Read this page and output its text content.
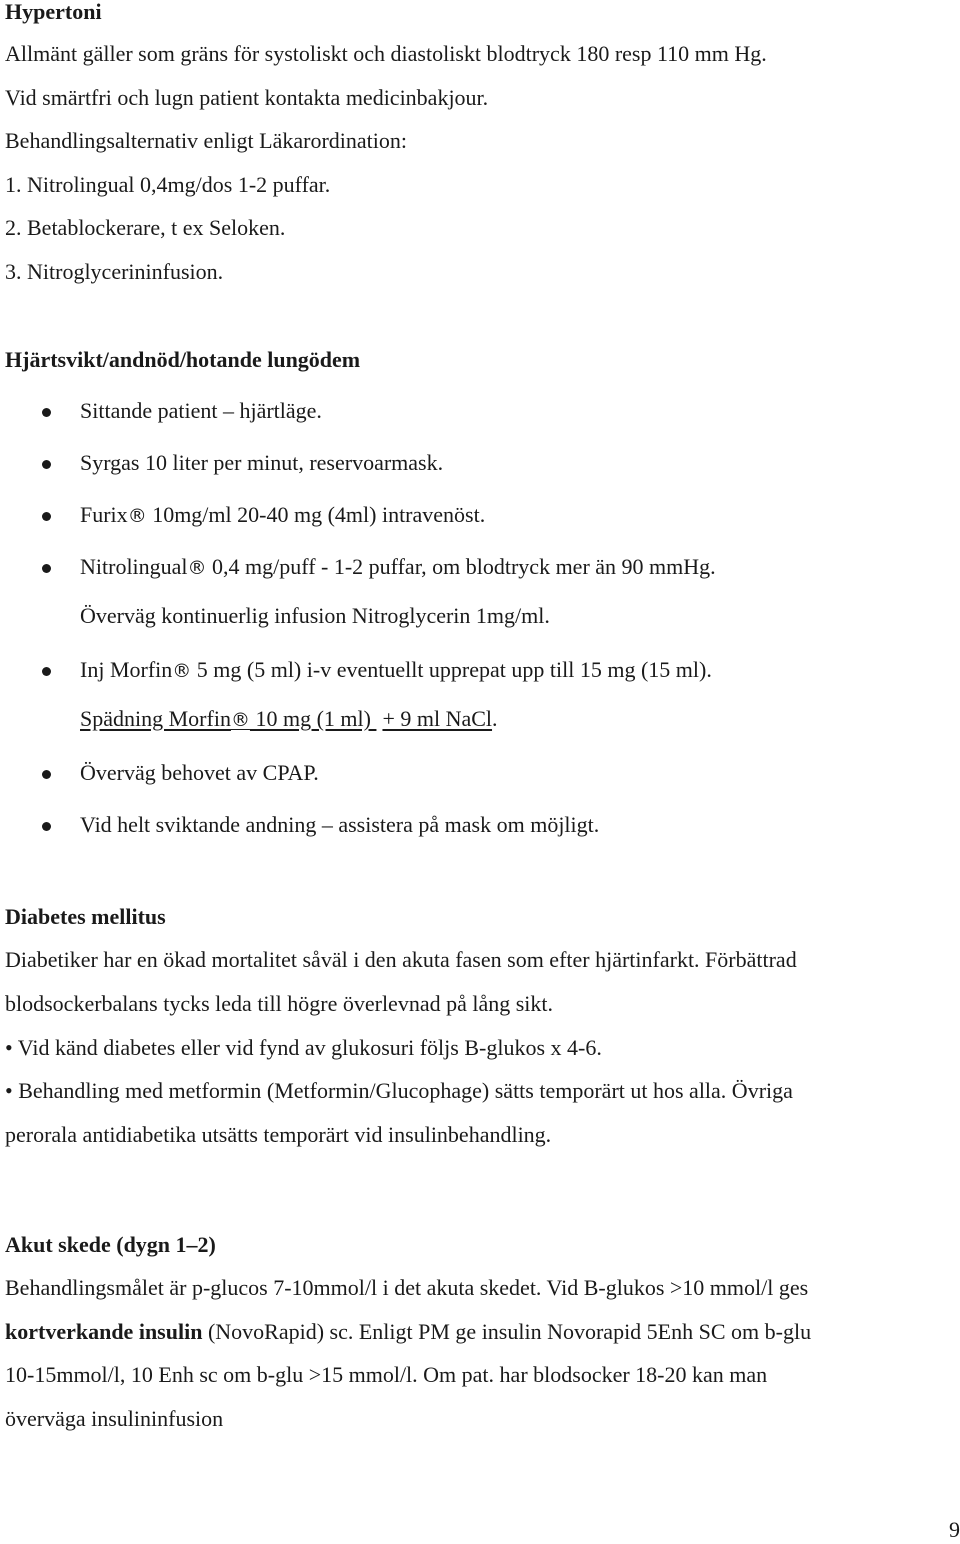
Hypertoni
Allmänt gäller som gräns för systoliskt och diastoliskt blodtryck 180 resp 110 mm Hg.
Vid smärtfri och lugn patient kontakta medicinbakjour.
Behandlingsalternativ enligt Läkarordination:
1. Nitrolingual 0,4mg/dos 1-2 puffar.
2. Betablockerare, t ex Seloken.
3. Nitroglycerininfusion.
Hjärtsvikt/andnöd/hotande lungödem
Sittande patient – hjärtläge.
Syrgas 10 liter per minut, reservoarmask.
Furix® 10mg/ml 20-40 mg (4ml) intravenöst.
Nitrolingual® 0,4 mg/puff - 1-2 puffar, om blodtryck mer än 90 mmHg.
Överväg kontinuerlig infusion Nitroglycerin 1mg/ml.
Inj Morfin® 5 mg (5 ml) i-v eventuellt upprepat upp till 15 mg (15 ml).
Spädning Morfin® 10 mg (1 ml) + 9 ml NaCl.
Överväg behovet av CPAP.
Vid helt sviktande andning – assistera på mask om möjligt.
Diabetes mellitus
Diabetiker har en ökad mortalitet såväl i den akuta fasen som efter hjärtinfarkt. Förbättrad
blodsockerbalans tycks leda till högre överlevnad på lång sikt.
• Vid känd diabetes eller vid fynd av glukosuri följs B-glukos x 4-6.
• Behandling med metformin (Metformin/Glucophage) sätts temporärt ut hos alla. Övriga
perorala antidiabetika utsätts temporärt vid insulinbehandling.
Akut skede (dygn 1–2)
Behandlingsmålet är p-glucos 7-10mmol/l i det akuta skedet. Vid B-glukos >10 mmol/l ges
kortverkande insulin (NovoRapid) sc. Enligt PM ge insulin Novorapid 5Enh SC om b-glu
10-15mmol/l, 10 Enh sc om b-glu >15 mmol/l. Om pat. har blodsocker 18-20 kan man
överväga insulininfusion
9
